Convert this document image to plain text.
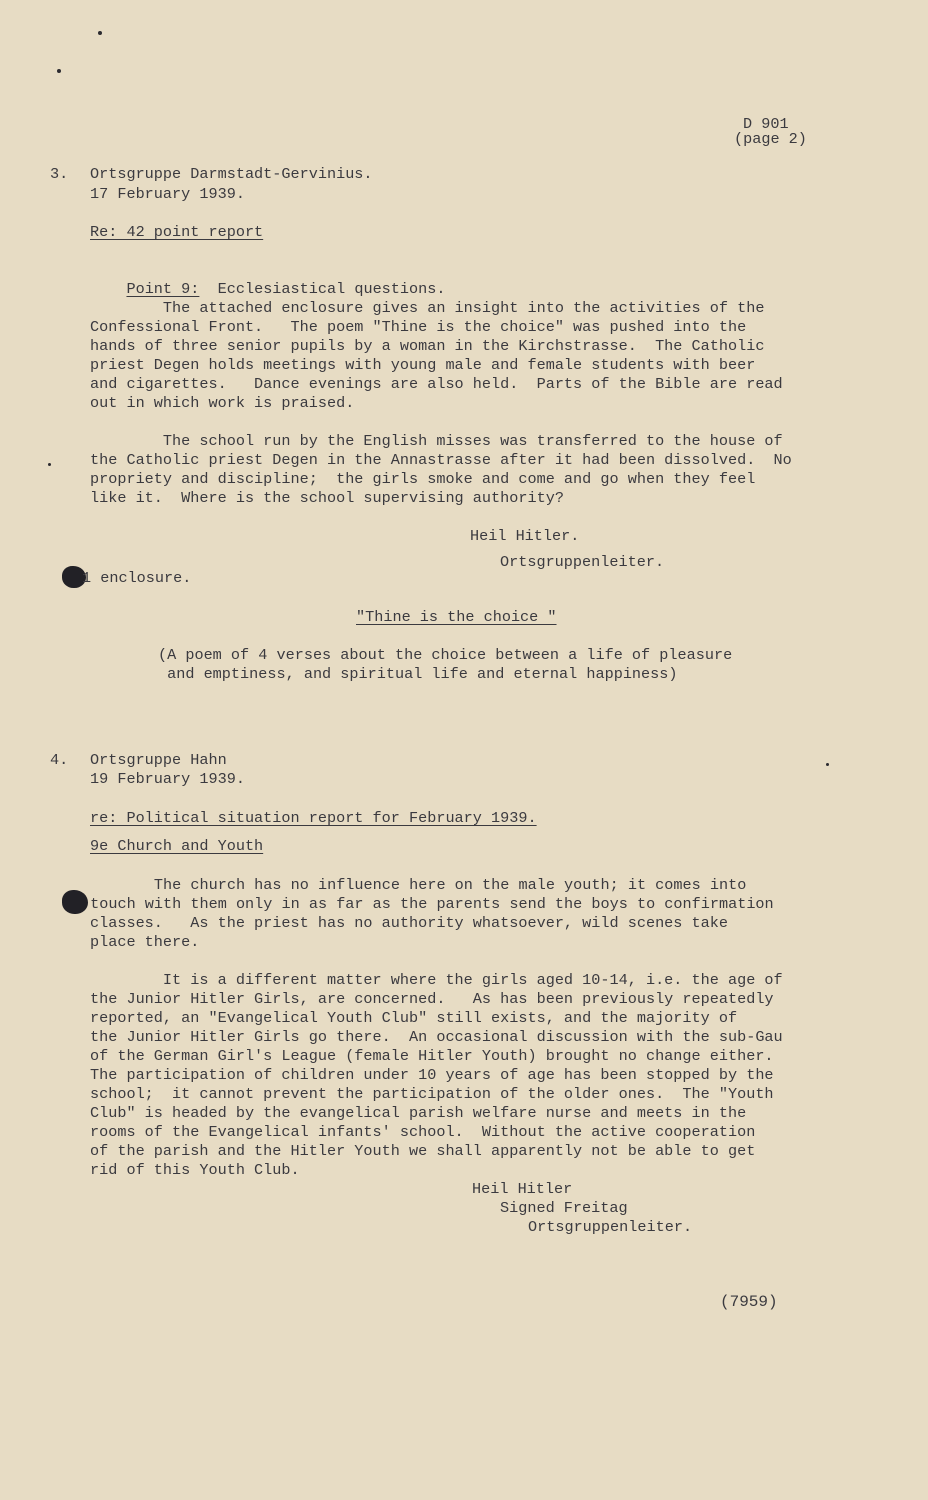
D 901
(page 2)
3. Ortsgruppe Darmstadt-Gervinius.
17 February 1939.
Re: 42 point report

Point 9: Ecclesiastical questions.

The attached enclosure gives an insight into the activities of the
Confessional Front.   The poem "Thine is the choice" was pushed into the
hands of three senior pupils by a woman in the Kirchstrasse.  The Catholic
priest Degen holds meetings with young male and female students with beer
and cigarettes.   Dance evenings are also held.  Parts of the Bible are read
out in which work is praised.
The school run by the English misses was transferred to the house of
the Catholic priest Degen in the Annastrasse after it had been dissolved.  No
propriety and discipline;  the girls smoke and come and go when they feel
like it.  Where is the school supervising authority?
Heil Hitler.
Ortsgruppenleiter.
1 enclosure.
"Thine is the choice "
(A poem of 4 verses about the choice between a life of pleasure
and emptiness, and spiritual life and eternal happiness)
4. Ortsgruppe Hahn
19 February 1939.
re: Political situation report for February 1939.
9e Church and Youth
The church has no influence here on the male youth; it comes into
touch with them only in as far as the parents send the boys to confirmation
classes.   As the priest has no authority whatsoever, wild scenes take
place there.
It is a different matter where the girls aged 10-14, i.e. the age of
the Junior Hitler Girls, are concerned.   As has been previously repeatedly
reported, an "Evangelical Youth Club" still exists, and the majority of
the Junior Hitler Girls go there.  An occasional discussion with the sub-Gau
of the German Girl's League (female Hitler Youth) brought no change either.
The participation of children under 10 years of age has been stopped by the
school;  it cannot prevent the participation of the older ones.  The "Youth
Club" is headed by the evangelical parish welfare nurse and meets in the
rooms of the Evangelical infants' school.  Without the active cooperation
of the parish and the Hitler Youth we shall apparently not be able to get
rid of this Youth Club.
Heil Hitler
Signed Freitag
Ortsgruppenleiter.
(7959)
